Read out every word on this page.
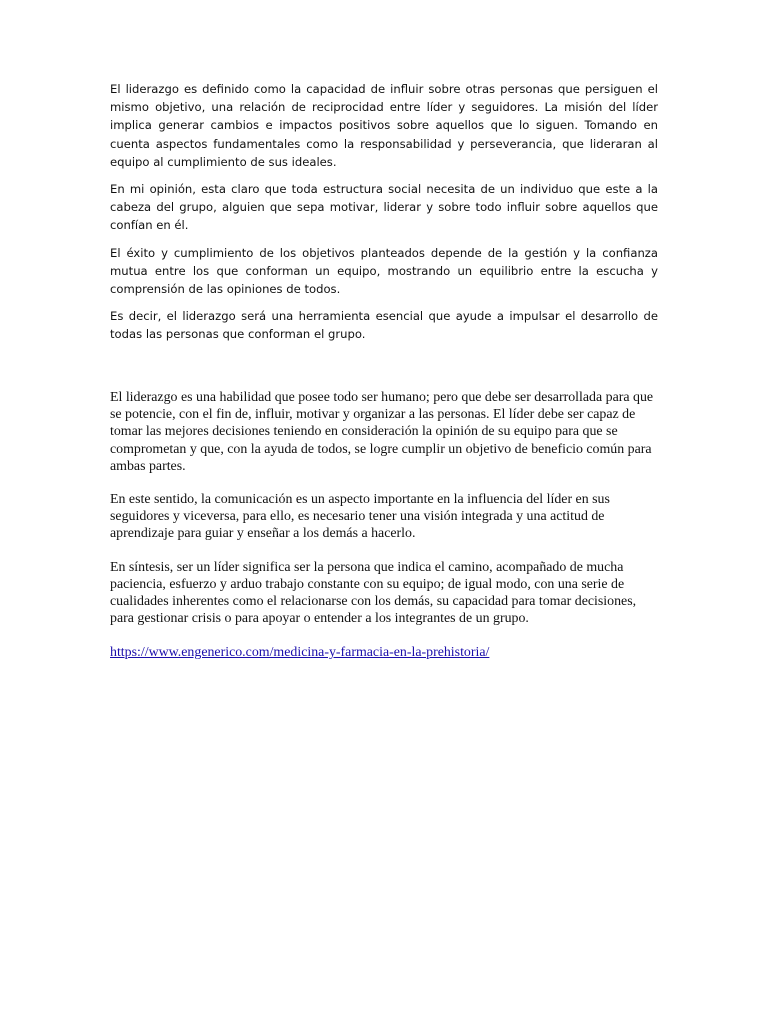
El liderazgo es definido como la capacidad de influir sobre otras personas que persiguen el mismo objetivo, una relación de reciprocidad entre líder y seguidores. La misión del líder implica generar cambios e impactos positivos sobre aquellos que lo siguen. Tomando en cuenta aspectos fundamentales como la responsabilidad y perseverancia, que lideraran al equipo al cumplimiento de sus ideales.

En mi opinión, esta claro que toda estructura social necesita de un individuo que este a la cabeza del grupo, alguien que sepa motivar, liderar y sobre todo influir sobre aquellos que confían en él.

El éxito y cumplimiento de los objetivos planteados depende de la gestión y la confianza mutua entre los que conforman un equipo, mostrando un equilibrio entre la escucha y comprensión de las opiniones de todos.

Es decir, el liderazgo será una herramienta esencial que ayude a impulsar el desarrollo de todas las personas que conforman el grupo.

El liderazgo es una habilidad que posee todo ser humano; pero que debe ser desarrollada para que se potencie, con el fin de, influir, motivar y organizar a las personas. El líder debe ser capaz de tomar las mejores decisiones teniendo en consideración la opinión de su equipo para que se comprometan y que, con la ayuda de todos, se logre cumplir un objetivo de beneficio común para ambas partes.

En este sentido, la comunicación es un aspecto importante en la influencia del líder en sus seguidores y viceversa, para ello, es necesario tener una visión integrada y una actitud de aprendizaje para guiar y enseñar a los demás a hacerlo.

En síntesis, ser un líder significa ser la persona que indica el camino, acompañado de mucha paciencia, esfuerzo y arduo trabajo constante con su equipo; de igual modo, con una serie de cualidades inherentes como el relacionarse con los demás, su capacidad para tomar decisiones, para gestionar crisis o para apoyar o entender a los integrantes de un grupo.

https://www.engenerico.com/medicina-y-farmacia-en-la-prehistoria/
